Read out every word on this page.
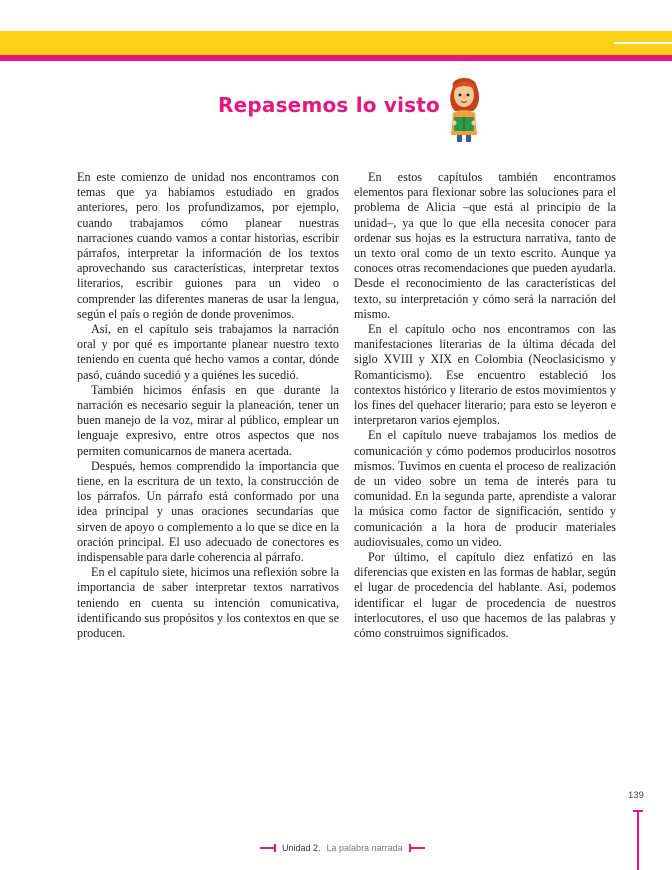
Repasemos lo visto

En este comienzo de unidad nos encontramos con temas que ya habíamos estudiado en grados anteriores, pero los profundizamos, por ejemplo, cuando trabajamos cómo planear nuestras narraciones cuando vamos a contar historias, escribir párrafos, interpretar la información de los textos aprovechando sus características, interpretar textos literarios, escribir guiones para un video o comprender las diferentes maneras de usar la lengua, según el país o región de donde provenimos.

Así, en el capítulo seis trabajamos la narración oral y por qué es importante planear nuestro texto teniendo en cuenta qué hecho vamos a contar, dónde pasó, cuándo sucedió y a quiénes les sucedió.

También hicimos énfasis en que durante la narración es necesario seguir la planeación, tener un buen manejo de la voz, mirar al público, emplear un lenguaje expresivo, entre otros aspectos que nos permiten comunicarnos de manera acertada.

Después, hemos comprendido la importancia que tiene, en la escritura de un texto, la construcción de los párrafos. Un párrafo está conformado por una idea principal y unas oraciones secundarias que sirven de apoyo o complemento a lo que se dice en la oración principal. El uso adecuado de conectores es indispensable para darle coherencia al párrafo.

En el capítulo siete, hicimos una reflexión sobre la importancia de saber interpretar textos narrativos teniendo en cuenta su intención comunicativa, identificando sus propósitos y los contextos en que se producen.

En estos capítulos también encontramos elementos para flexionar sobre las soluciones para el problema de Alicia –que está al principio de la unidad–, ya que lo que ella necesita conocer para ordenar sus hojas es la estructura narrativa, tanto de un texto oral como de un texto escrito. Aunque ya conoces otras recomendaciones que pueden ayudarla. Desde el reconocimiento de las características del texto, su interpretación y cómo será la narración del mismo.

En el capítulo ocho nos encontramos con las manifestaciones literarias de la última década del siglo XVIII y XIX en Colombia (Neoclasicismo y Romanticismo). Ese encuentro estableció los contextos histórico y literario de estos movimientos y los fines del quehacer literario; para esto se leyeron e interpretaron varios ejemplos.

En el capítulo nueve trabajamos los medios de comunicación y cómo podemos producirlos nosotros mismos. Tuvimos en cuenta el proceso de realización de un video sobre un tema de interés para tu comunidad. En la segunda parte, aprendiste a valorar la música como factor de significación, sentido y comunicación a la hora de producir materiales audiovisuales, como un video.

Por último, el capítulo diez enfatizó en las diferencias que existen en las formas de hablar, según el lugar de procedencia del hablante. Así, podemos identificar el lugar de procedencia de nuestros interlocutores, el uso que hacemos de las palabras y cómo construimos significados.

139
Unidad 2. La palabra narrada
